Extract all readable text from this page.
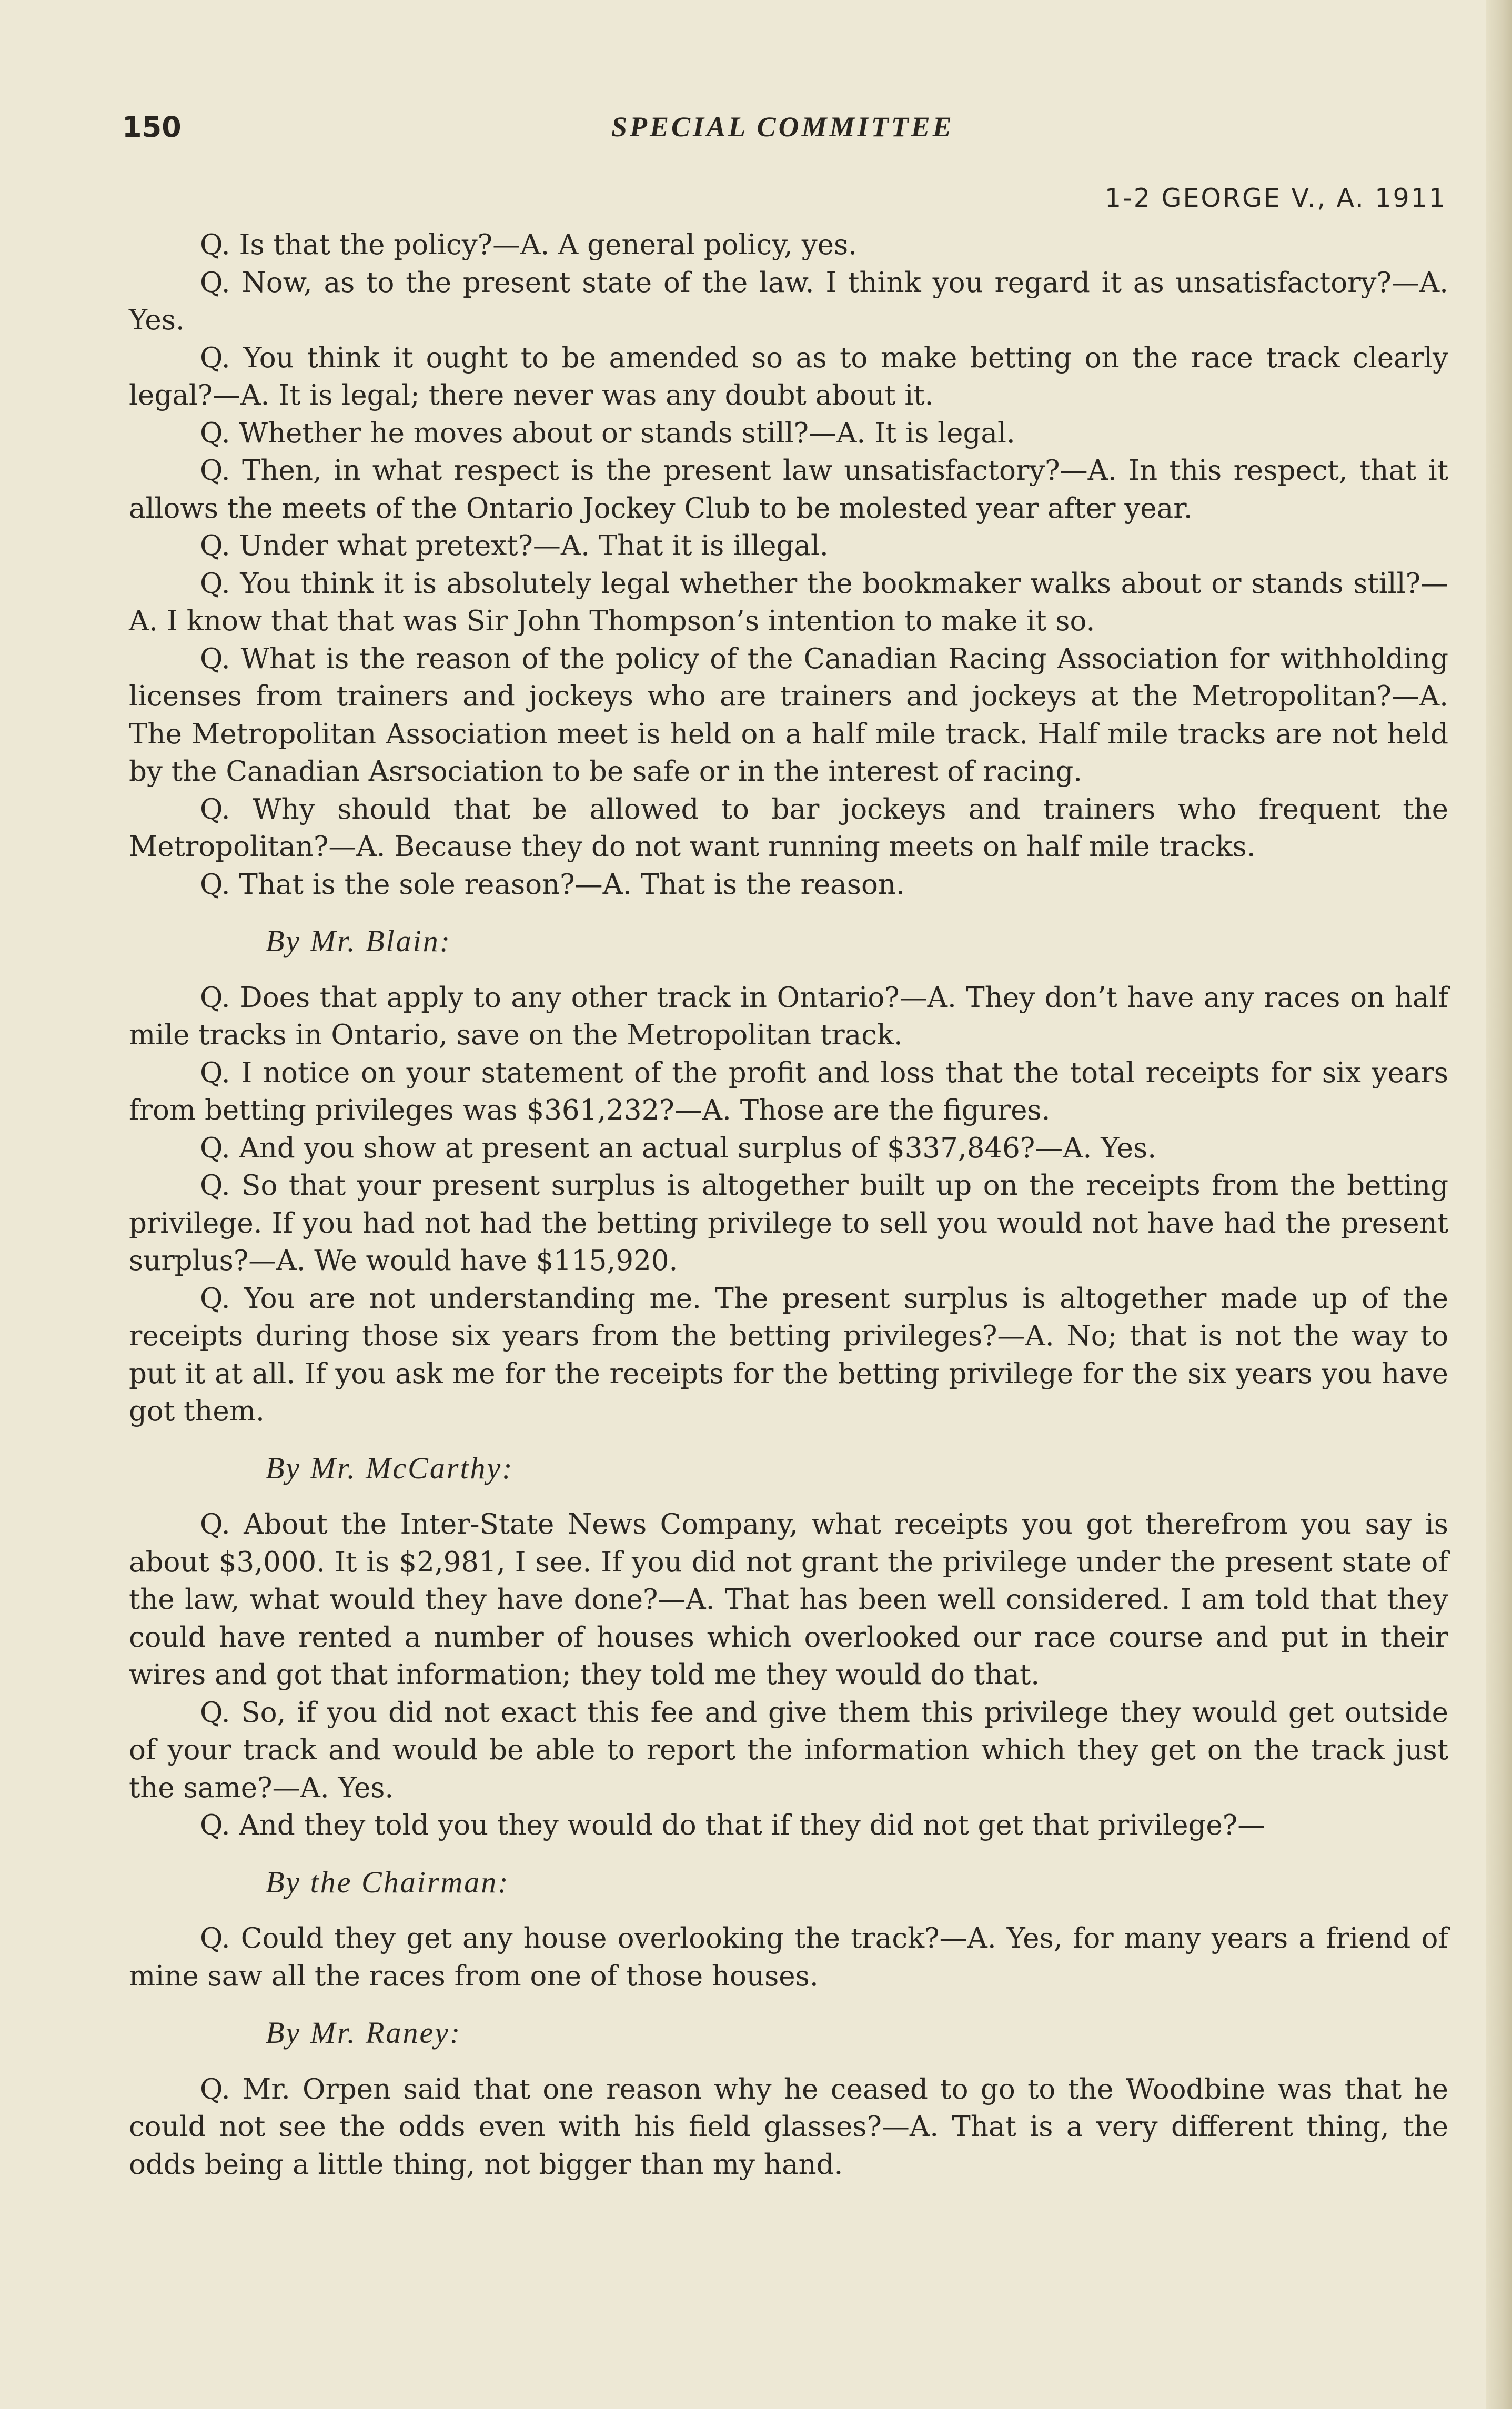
150	SPECIAL COMMITTEE
1-2 GEORGE V., A. 1911

Q. Is that the policy?—A. A general policy, yes.

Q. Now, as to the present state of the law. I think you regard it as unsatisfactory?—A. Yes.

Q. You think it ought to be amended so as to make betting on the race track clearly legal?—A. It is legal; there never was any doubt about it.

Q. Whether he moves about or stands still?—A. It is legal.

Q. Then, in what respect is the present law unsatisfactory?—A. In this respect, that it allows the meets of the Ontario Jockey Club to be molested year after year.

Q. Under what pretext?—A. That it is illegal.

Q. You think it is absolutely legal whether the bookmaker walks about or stands still?—A. I know that that was Sir John Thompson’s intention to make it so.

Q. What is the reason of the policy of the Canadian Racing Association for withholding licenses from trainers and jockeys who are trainers and jockeys at the Metropolitan?—A. The Metropolitan Association meet is held on a half mile track. Half mile tracks are not held by the Canadian Asrsociation to be safe or in the interest of racing.

Q. Why should that be allowed to bar jockeys and trainers who frequent the Metropolitan?—A. Because they do not want running meets on half mile tracks.

Q. That is the sole reason?—A. That is the reason.

By Mr. Blain:

Q. Does that apply to any other track in Ontario?—A. They don’t have any races on half mile tracks in Ontario, save on the Metropolitan track.

Q. I notice on your statement of the profit and loss that the total receipts for six years from betting privileges was $361,232?—A. Those are the figures.

Q. And you show at present an actual surplus of $337,846?—A. Yes.

Q. So that your present surplus is altogether built up on the receipts from the betting privilege. If you had not had the betting privilege to sell you would not have had the present surplus?—A. We would have $115,920.

Q. You are not understanding me. The present surplus is altogether made up of the receipts during those six years from the betting privileges?—A. No; that is not the way to put it at all. If you ask me for the receipts for the betting privilege for the six years you have got them.

By Mr. McCarthy:

Q. About the Inter-State News Company, what receipts you got therefrom you say is about $3,000. It is $2,981, I see. If you did not grant the privilege under the present state of the law, what would they have done?—A. That has been well considered. I am told that they could have rented a number of houses which overlooked our race course and put in their wires and got that information; they told me they would do that.

Q. So, if you did not exact this fee and give them this privilege they would get outside of your track and would be able to report the information which they get on the track just the same?—A. Yes.

Q. And they told you they would do that if they did not get that privilege?—

By the Chairman:

Q. Could they get any house overlooking the track?—A. Yes, for many years a friend of mine saw all the races from one of those houses.

By Mr. Raney:

Q. Mr. Orpen said that one reason why he ceased to go to the Woodbine was that he could not see the odds even with his field glasses?—A. That is a very different thing, the odds being a little thing, not bigger than my hand.
